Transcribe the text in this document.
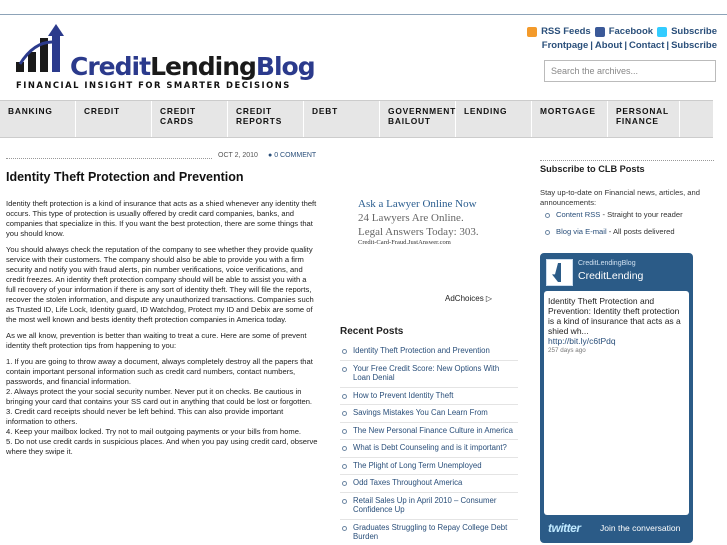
CreditLendingBlog
FINANCIAL INSIGHT FOR SMARTER DECISIONS
RSS Feeds Facebook Subscribe
Frontpage | About | Contact | Subscribe
Search the archives...
BANKING	CREDIT	CREDIT
CARDS
CREDIT
REPORTS
DEBT	GOVERNMENT
BAILOUT
LENDING	MORTGAGE	PERSONAL
FINANCE
OCT 2, 2010 ● 0 COMMENT
Identity Theft Protection and Prevention

Identity theft protection is a kind of insurance that acts as a shied whenever any identity theft occurs. This type of protection is usually offered by credit card companies, banks, and companies that specialize in this. If you want the best protection, there are some things that you should know.

You should always check the reputation of the company to see whether they provide quality service with their customers. The company should also be able to provide you with a firm security and notify you with fraud alerts, pin number verifications, voice verifications, and credit freezes. An identity theft protection company should will be able to assist you with a full recovery of your information if there is any sort of identity theft. They will file the reports, recover the stolen information, and dispute any unauthorized transactions. Companies such as Trusted ID, Life Lock, Identity guard, ID Watchdog, Protect my ID and Debix are some of the most well known and bests identity theft protection companies in America today.

As we all know, prevention is better than waiting to treat a cure. Here are some of prevent identity theft protection tips from happening to you:

1. If you are going to throw away a document, always completely destroy all the papers that contain important personal information such as credit card numbers, contact numbers, passwords, and financial information.
2. Always protect the your social security number. Never put it on checks. Be cautious in bringing your card that contains your SS card out in anything that could be lost or forgotten.
3. Credit card receipts should never be left behind. This can also provide important information to others.
4. Keep your mailbox locked. Try not to mail outgoing payments or your bills from home.
5. Do not use credit cards in suspicious places. And when you pay using credit card, observe where they swipe it.

Ask a Lawyer Online Now
24 Lawyers Are Online.
Legal Answers Today: 303.
Credit-Card-Fraud.JustAnswer.com
AdChoices ▷
Recent Posts
Identity Theft Protection and Prevention
Your Free Credit Score: New Options With Loan Denial
How to Prevent Identity Theft
Savings Mistakes You Can Learn From
The New Personal Finance Culture in America
What is Debt Counseling and is it important?
The Plight of Long Term Unemployed
Odd Taxes Throughout America
Retail Sales Up in April 2010 – Consumer Confidence Up
Graduates Struggling to Repay College Debt Burden
Subscribe to CLB Posts
Stay up-to-date on Financial news, articles, and announcements:
Content RSS - Straight to your reader
Blog via E-mail - All posts delivered
CreditLendingBlog
CreditLending
Identity Theft Protection and Prevention: Identity theft protection is a kind of insurance that acts as a shied wh...
http://bit.ly/c6tPdq
257 days ago
twitter Join the conversation
